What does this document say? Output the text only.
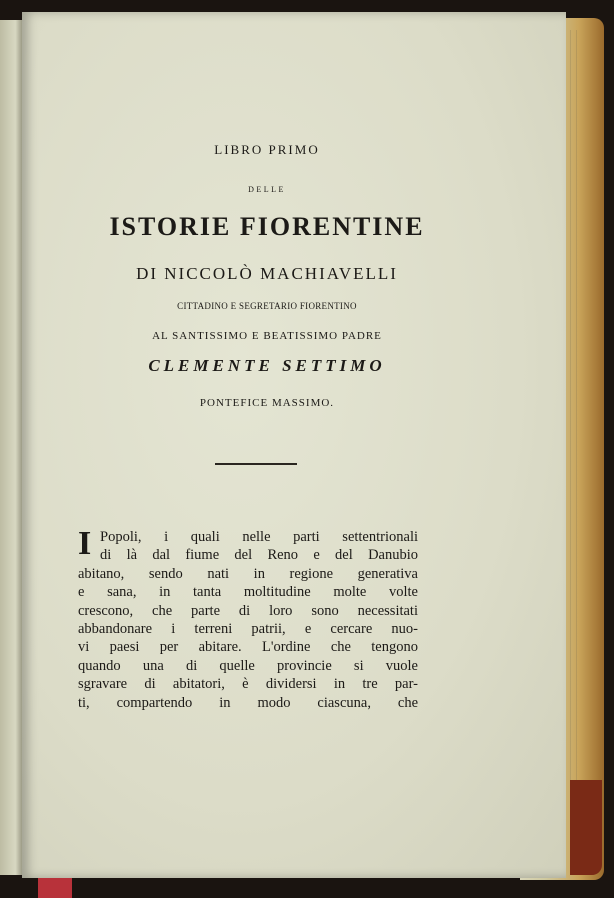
LIBRO PRIMO
DELLE
ISTORIE FIORENTINE
DI NICCOLÒ MACHIAVELLI
CITTADINO E SEGRETARIO FIORENTINO
AL SANTISSIMO E BEATISSIMO PADRE
CLEMENTE SETTIMO
PONTEFICE MASSIMO.
I Popoli, i quali nelle parti settentrionali
di là dal fiume del Reno e del Danubio
abitano, sendo nati in regione generativa
e sana, in tanta moltitudine molte volte
crescono, che parte di loro sono necessitati
abbandonare i terreni patrii, e cercare nuo-
vi paesi per abitare. L'ordine che tengono
quando una di quelle provincie si vuole
sgravare di abitatori, è dividersi in tre par-
ti, compartendo in modo ciascuna, che
